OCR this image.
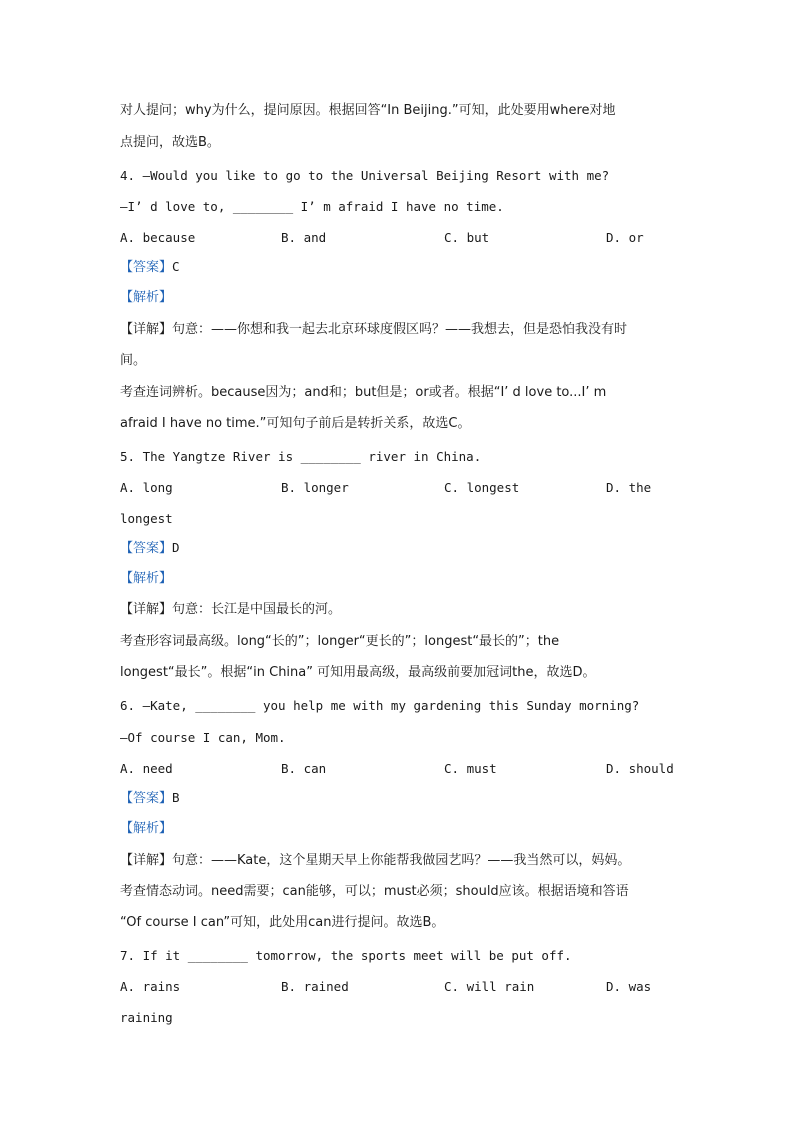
对人提问；why为什么，提问原因。根据回答“In Beijing.”可知，此处要用where对地
点提问，故选B。
4. —Would you like to go to the Universal Beijing Resort with me?
—I’ d love to, ________ I’ m afraid I have no time.
A. because	B. and	C. but	D. or
【答案】C
【解析】
【详解】句意：——你想和我一起去北京环球度假区吗？——我想去，但是恐怕我没有时
间。
考查连词辨析。because因为；and和；but但是；or或者。根据“I’ d love to...I’ m
afraid I have no time.”可知句子前后是转折关系，故选C。
5. The Yangtze River is ________ river in China.
A. long	B. longer	C. longest	D. the
longest
【答案】D
【解析】
【详解】句意：长江是中国最长的河。
考查形容词最高级。long“长的”；longer“更长的”；longest“最长的”；the
longest“最长”。根据“in China” 可知用最高级，最高级前要加冠词the，故选D。
6. —Kate, ________ you help me with my gardening this Sunday morning?
—Of course I can, Mom.
A. need	B. can	C. must	D. should
【答案】B
【解析】
【详解】句意：——Kate，这个星期天早上你能帮我做园艺吗？——我当然可以，妈妈。
考查情态动词。need需要；can能够，可以；must必须；should应该。根据语境和答语
“Of course I can”可知，此处用can进行提问。故选B。
7. If it ________ tomorrow, the sports meet will be put off.
A. rains	B. rained	C. will rain	D. was
raining
